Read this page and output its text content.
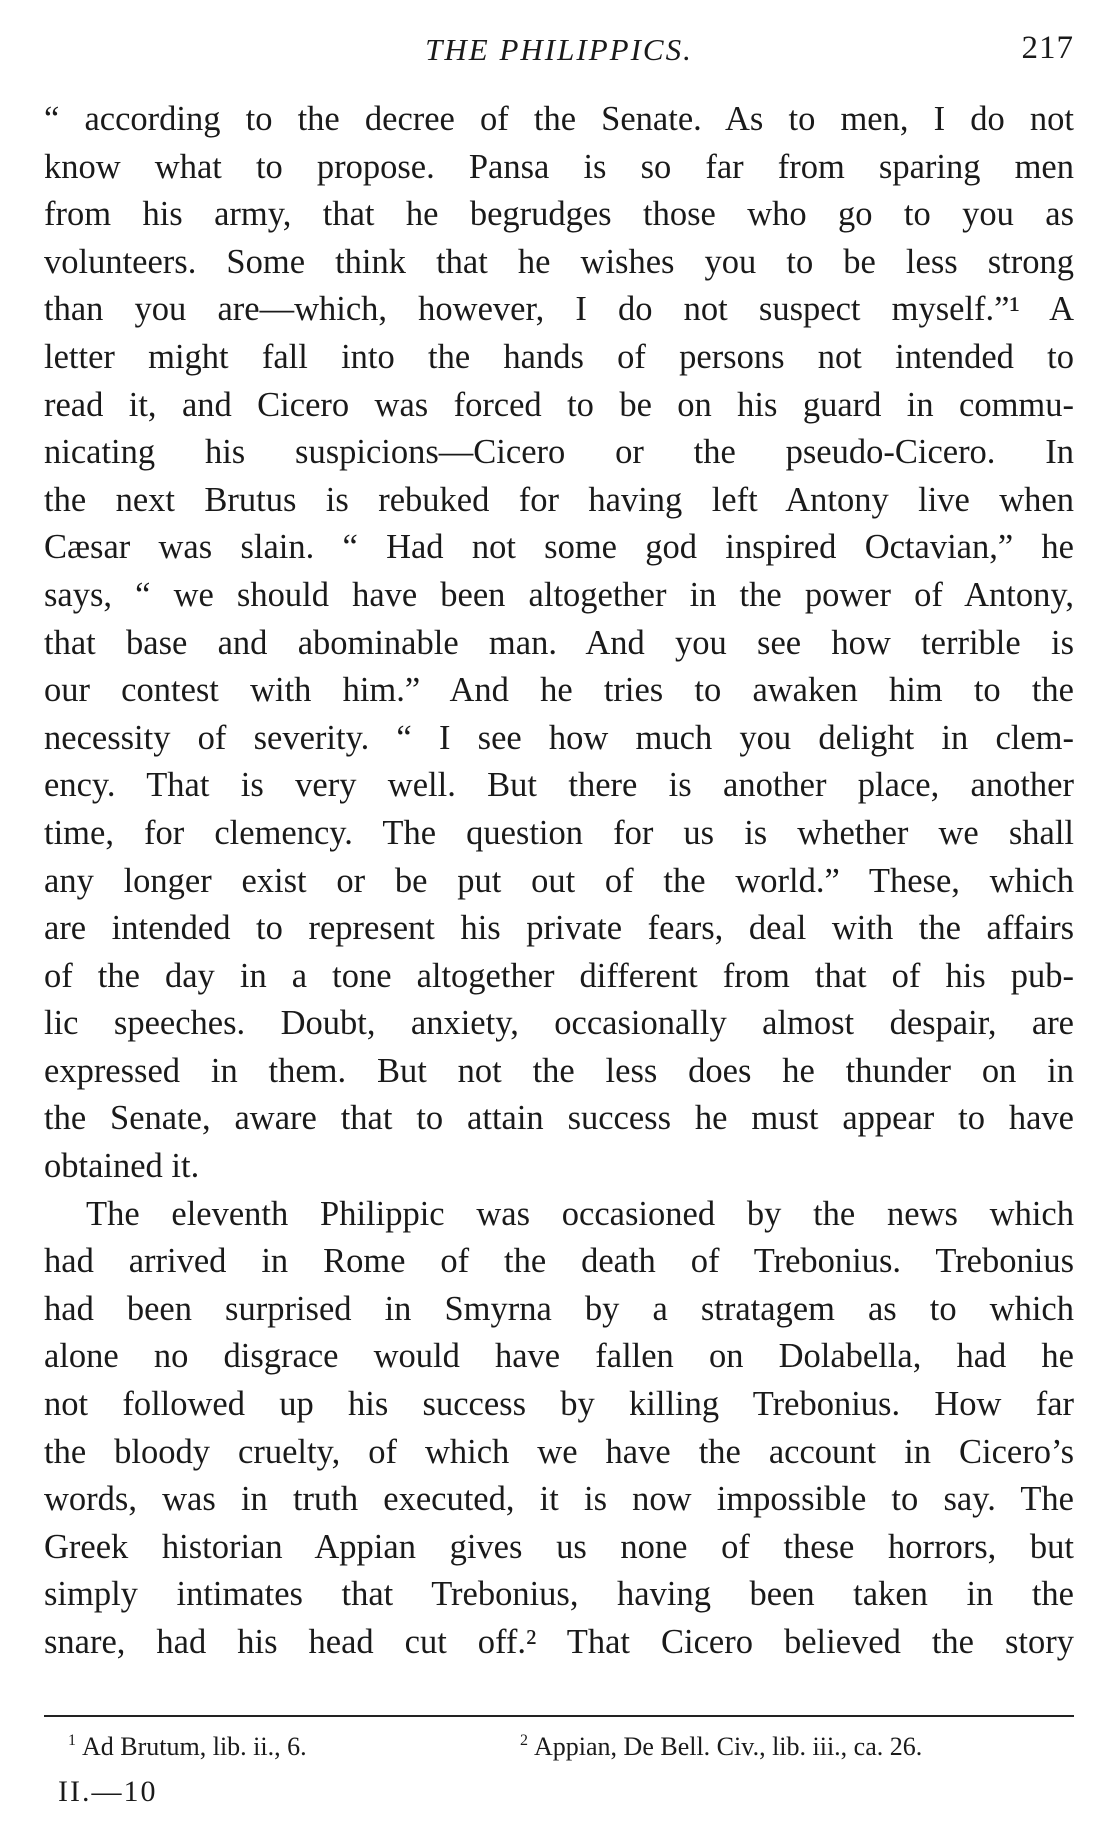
THE PHILIPPICS.	217
“ according to the decree of the Senate. As to men, I do not
know what to propose. Pansa is so far from sparing men
from his army, that he begrudges those who go to you as
volunteers. Some think that he wishes you to be less strong
than you are—which, however, I do not suspect myself.”¹ A
letter might fall into the hands of persons not intended to
read it, and Cicero was forced to be on his guard in commu-
nicating his suspicions—Cicero or the pseudo-Cicero. In
the next Brutus is rebuked for having left Antony live when
Cæsar was slain. “ Had not some god inspired Octavian,” he
says, “ we should have been altogether in the power of Antony,
that base and abominable man. And you see how terrible is
our contest with him.” And he tries to awaken him to the
necessity of severity. “ I see how much you delight in clem-
ency. That is very well. But there is another place, another
time, for clemency. The question for us is whether we shall
any longer exist or be put out of the world.” These, which
are intended to represent his private fears, deal with the affairs
of the day in a tone altogether different from that of his pub-
lic speeches. Doubt, anxiety, occasionally almost despair, are
expressed in them. But not the less does he thunder on in
the Senate, aware that to attain success he must appear to have
obtained it.
The eleventh Philippic was occasioned by the news which
had arrived in Rome of the death of Trebonius. Trebonius
had been surprised in Smyrna by a stratagem as to which
alone no disgrace would have fallen on Dolabella, had he
not followed up his success by killing Trebonius. How far
the bloody cruelty, of which we have the account in Cicero’s
words, was in truth executed, it is now impossible to say. The
Greek historian Appian gives us none of these horrors, but
simply intimates that Trebonius, having been taken in the
snare, had his head cut off.² That Cicero believed the story
$^1$ Ad Brutum, lib. ii., 6.	$^2$ Appian, De Bell. Civ., lib. iii., ca. 26.
II.—10
